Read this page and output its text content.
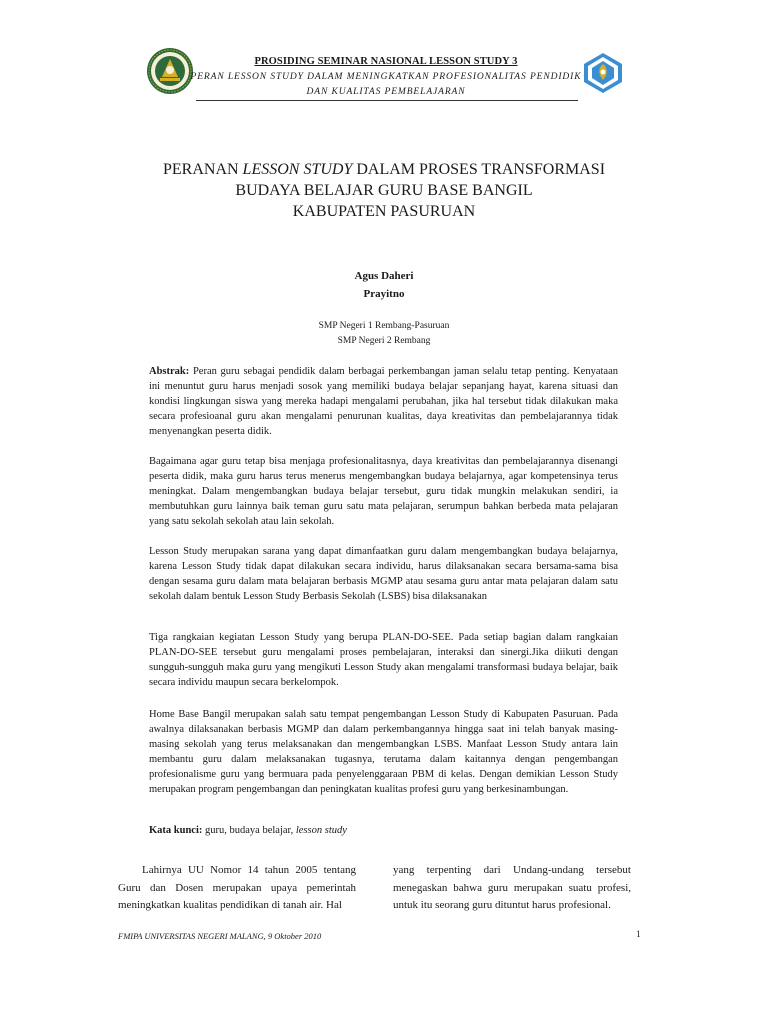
PROSIDING SEMINAR NASIONAL LESSON STUDY 3
PERAN LESSON STUDY DALAM MENINGKATKAN PROFESIONALITAS PENDIDIK
DAN KUALITAS PEMBELAJARAN
PERANAN LESSON STUDY DALAM PROSES TRANSFORMASI
BUDAYA BELAJAR GURU BASE BANGIL
KABUPATEN PASURUAN
Agus Daheri
Prayitno
SMP Negeri 1 Rembang-Pasuruan
SMP Negeri 2 Rembang
Abstrak: Peran guru sebagai pendidik dalam berbagai perkembangan jaman selalu tetap penting. Kenyataan ini menuntut guru harus menjadi sosok yang memiliki budaya belajar sepanjang hayat, karena situasi dan kondisi lingkungan siswa yang mereka hadapi mengalami perubahan, jika hal tersebut tidak dilakukan maka secara profesioanal guru akan mengalami penurunan kualitas, daya kreativitas dan pembelajarannya tidak menyenangkan peserta didik.
Bagaimana agar guru tetap bisa menjaga profesionalitasnya, daya kreativitas dan pembelajarannya disenangi peserta didik, maka guru harus terus menerus mengembangkan budaya belajarnya, agar kompetensinya terus meningkat. Dalam mengembangkan budaya belajar tersebut, guru tidak mungkin melakukan sendiri, ia membutuhkan guru lainnya baik teman guru satu mata pelajaran, serumpun bahkan berbeda mata pelajaran yang satu sekolah sekolah atau lain sekolah.
Lesson Study merupakan sarana yang dapat dimanfaatkan guru dalam mengembangkan budaya belajarnya, karena Lesson Study tidak dapat dilakukan secara individu, harus dilaksanakan secara bersama-sama bisa dengan sesama guru dalam mata belajaran berbasis MGMP atau sesama guru antar mata pelajaran dalam satu sekolah dalam bentuk Lesson Study Berbasis Sekolah (LSBS) bisa dilaksanakan
Tiga rangkaian kegiatan Lesson Study yang berupa PLAN-DO-SEE. Pada setiap bagian dalam rangkaian PLAN-DO-SEE tersebut guru mengalami proses pembelajaran, interaksi dan sinergi.Jika diikuti dengan sungguh-sungguh maka guru yang mengikuti Lesson Study akan mengalami transformasi budaya belajar, baik secara individu maupun secara berkelompok.
Home Base Bangil merupakan salah satu tempat pengembangan Lesson Study di Kabupaten Pasuruan. Pada awalnya dilaksanakan berbasis MGMP dan dalam perkembangannya hingga saat ini telah banyak masing-masing sekolah yang terus melaksanakan dan mengembangkan LSBS. Manfaat Lesson Study antara lain membantu guru dalam melaksanakan tugasnya, terutama dalam kaitannya dengan pengembangan profesionalisme guru yang bermuara pada penyelenggaraan PBM di kelas. Dengan demikian Lesson Study merupakan program pengembangan dan peningkatan kualitas profesi guru yang berkesinambungan.
Kata kunci: guru, budaya belajar, lesson study
Lahirnya UU Nomor 14 tahun 2005 tentang Guru dan Dosen merupakan upaya pemerintah meningkatkan kualitas pendidikan di tanah air. Hal
yang terpenting dari Undang-undang tersebut menegaskan bahwa guru merupakan suatu profesi, untuk itu seorang guru dituntut harus profesional.
FMIPA UNIVERSITAS NEGERI MALANG, 9 Oktober 2010	1
